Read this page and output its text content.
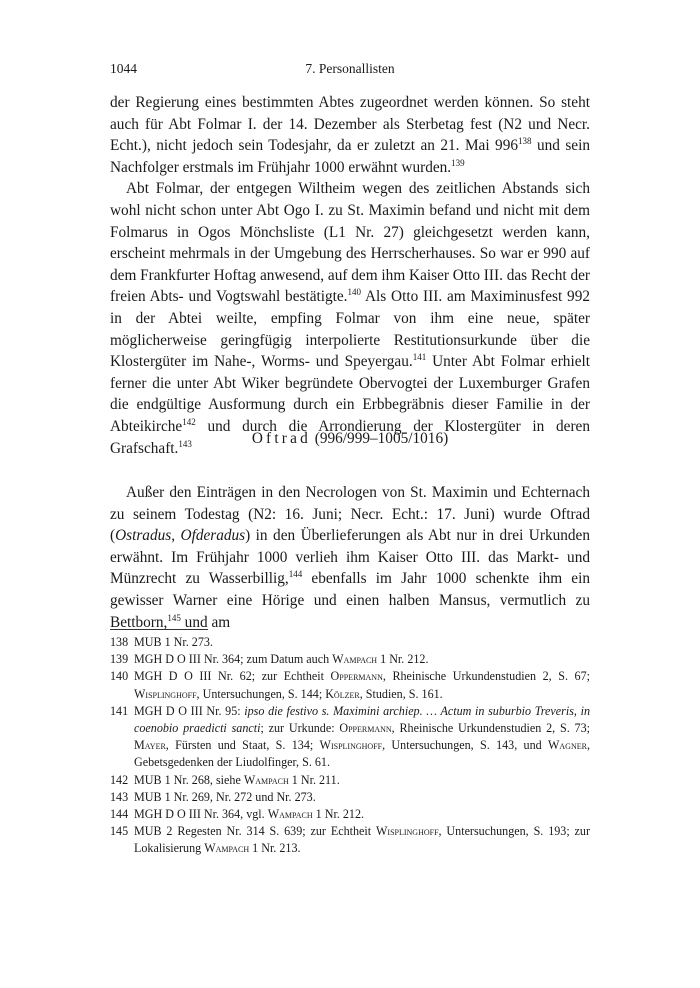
7. Personallisten
1044

der Regierung eines bestimmten Abtes zugeordnet werden können. So steht auch für Abt Folmar I. der 14. Dezember als Sterbetag fest (N2 und Necr. Echt.), nicht jedoch sein Todesjahr, da er zuletzt an 21. Mai $996^{138}$ und sein Nachfolger erstmals im Frühjahr 1000 erwähnt wurden.$^{139}$

Abt Folmar, der entgegen Wiltheim wegen des zeitlichen Abstands sich wohl nicht schon unter Abt Ogo I. zu St. Maximin befand und nicht mit dem Folmarus in Ogos Mönchsliste (L1 Nr. 27) gleichgesetzt werden kann, erscheint mehrmals in der Umgebung des Herrscherhauses. So war er 990 auf dem Frankfurter Hoftag anwesend, auf dem ihm Kaiser Otto III. das Recht der freien Abts- und Vogtswahl bestätigte.$^{140}$ Als Otto III. am Maximinusfest 992 in der Abtei weilte, empfing Folmar von ihm eine neue, später möglicherweise geringfügig interpolierte Restitutionsurkunde über die Klostergüter im Nahe-, Worms- und Speyergau.$^{141}$ Unter Abt Folmar erhielt ferner die unter Abt Wiker begründete Obervogtei der Luxemburger Grafen die endgültige Ausformung durch ein Erbbegräbnis dieser Familie in der Abteikirche$^{142}$ und durch die Arrondierung der Klostergüter in deren Grafschaft.$^{143}$	Oftrad (996/999–1005/1016)

Außer den Einträgen in den Necrologen von St. Maximin und Echternach zu seinem Todestag (N2: 16. Juni; Necr. Echt.: 17. Juni) wurde Oftrad (Ostradus, Ofderadus) in den Überlieferungen als Abt nur in drei Urkunden erwähnt. Im Frühjahr 1000 verlieh ihm Kaiser Otto III. das Markt- und Münzrecht zu Wasserbillig,$^{144}$ ebenfalls im Jahr 1000 schenkte ihm ein gewisser Warner eine Hörige und einen halben Mansus, vermutlich zu Bettborn,$^{145}$ und am

138 MUB 1 Nr. 273.
139 MGH D O III Nr. 364; zum Datum auch Wampach 1 Nr. 212.
140 MGH D O III Nr. 62; zur Echtheit Oppermann, Rheinische Urkundenstudien 2, S. 67; Wisplinghoff, Untersuchungen, S. 144; Kölzer, Studien, S. 161.
141 MGH D O III Nr. 95: ipso die festivo s. Maximini archiep. … Actum in suburbio Treveris, in coenobio praedicti sancti; zur Urkunde: Oppermann, Rheinische Urkundenstudien 2, S. 73; Mayer, Fürsten und Staat, S. 134; Wisplinghoff, Untersuchungen, S. 143, und Wagner, Gebetsgedenken der Liudolfinger, S. 61.
142 MUB 1 Nr. 268, siehe Wampach 1 Nr. 211.
143 MUB 1 Nr. 269, Nr. 272 und Nr. 273.
144 MGH D O III Nr. 364, vgl. Wampach 1 Nr. 212.
145 MUB 2 Regesten Nr. 314 S. 639; zur Echtheit Wisplinghoff, Untersuchungen, S. 193; zur Lokalisierung Wampach 1 Nr. 213.
